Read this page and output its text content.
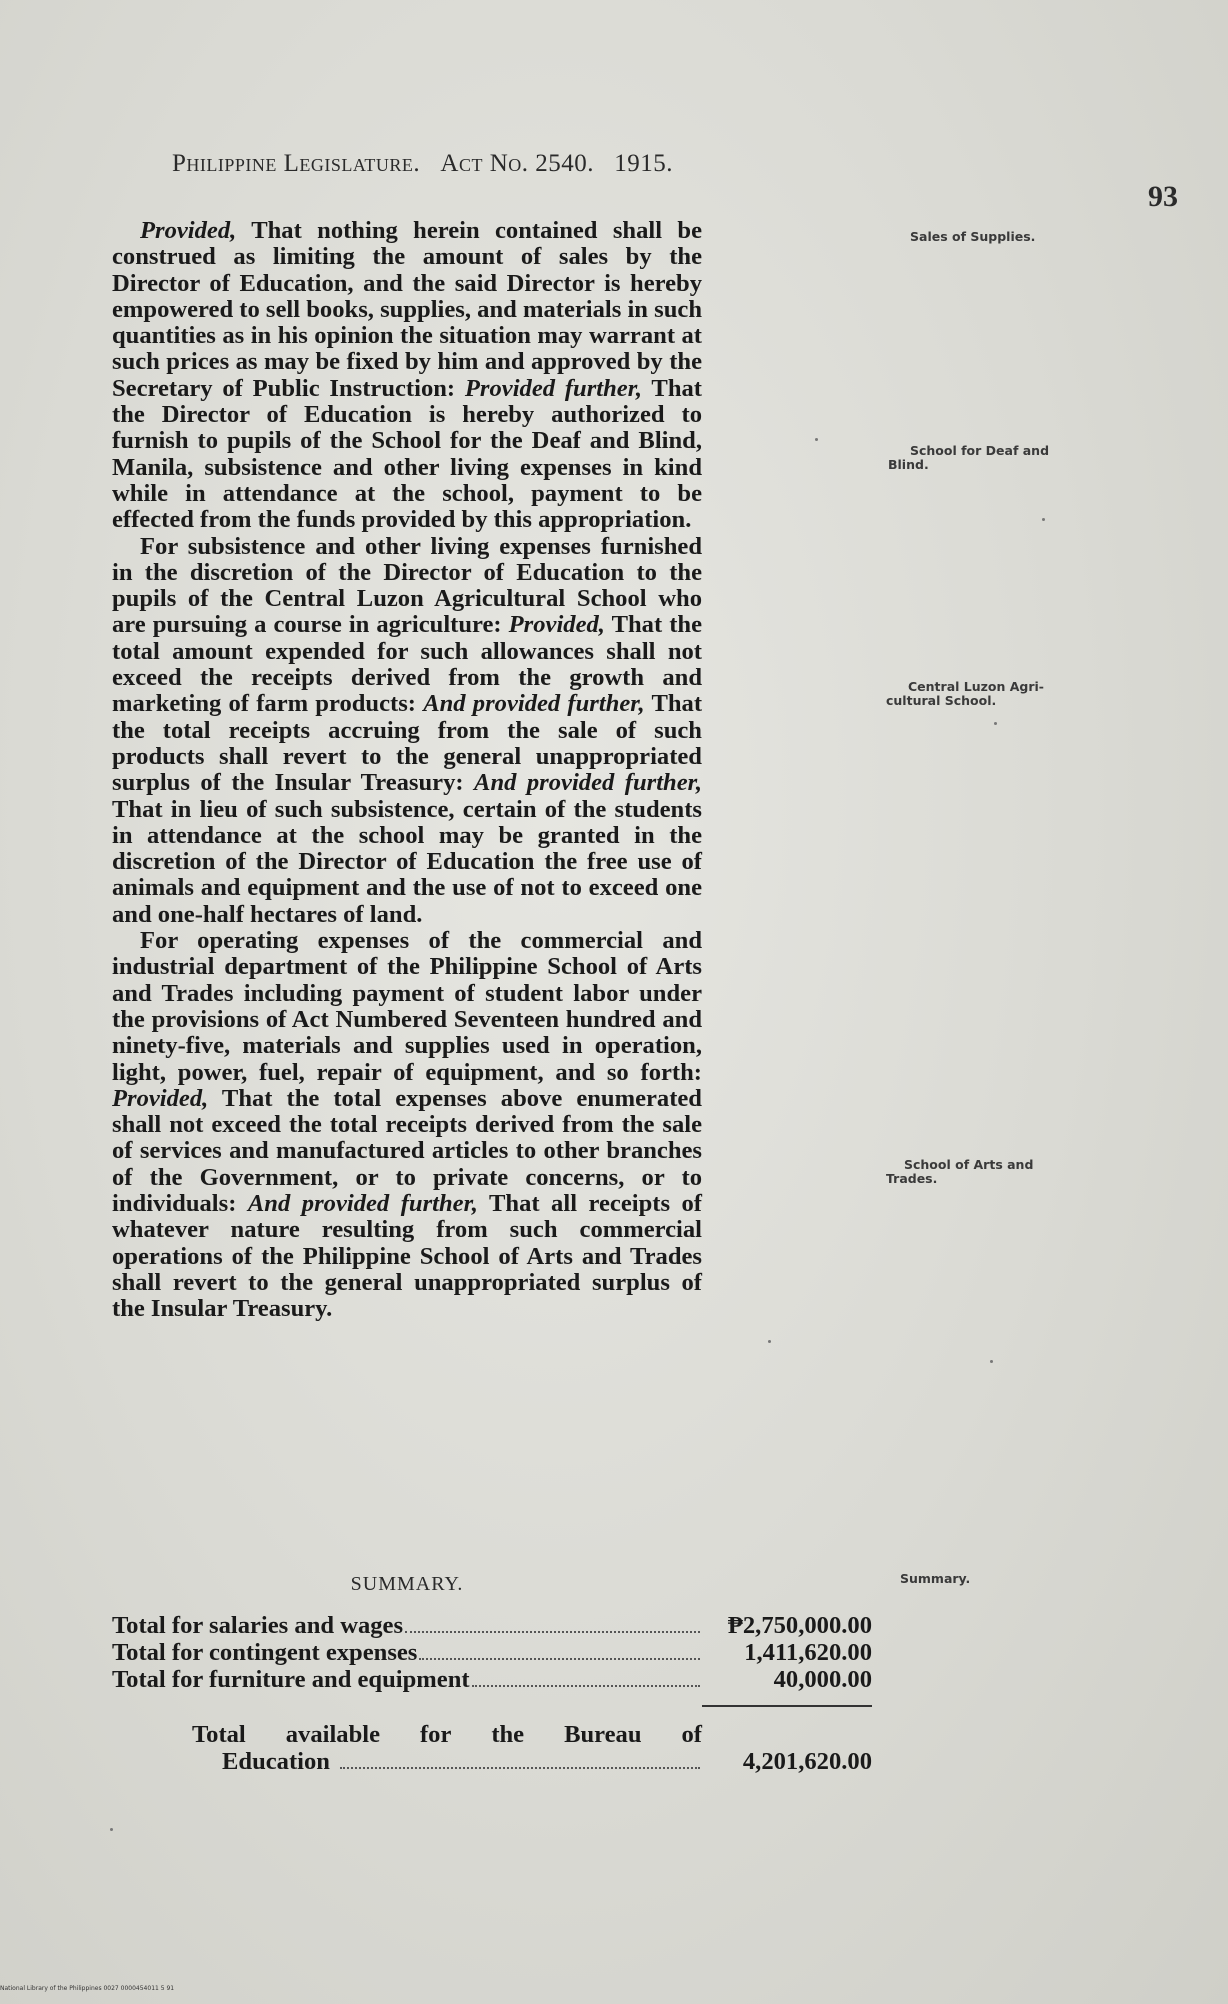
Philippine Legislature. Act No. 2540. 1915.
93

Provided, That nothing herein contained shall be construed as limiting the amount of sales by the Director of Education, and the said Director is hereby empowered to sell books, supplies, and materials in such quantities as in his opinion the situation may warrant at such prices as may be fixed by him and approved by the Secretary of Public Instruction: Provided further, That the Director of Education is hereby authorized to furnish to pupils of the School for the Deaf and Blind, Manila, subsistence and other living expenses in kind while in attendance at the school, payment to be effected from the funds provided by this appropriation.

For subsistence and other living expenses furnished in the discretion of the Director of Education to the pupils of the Central Luzon Agricultural School who are pursuing a course in agriculture: Provided, That the total amount expended for such allowances shall not exceed the receipts derived from the growth and marketing of farm products: And provided further, That the total receipts accruing from the sale of such products shall revert to the general unappropriated surplus of the Insular Treasury: And provided further, That in lieu of such subsistence, certain of the students in attendance at the school may be granted in the discretion of the Director of Education the free use of animals and equipment and the use of not to exceed one and one-half hectares of land.

For operating expenses of the commercial and industrial department of the Philippine School of Arts and Trades including payment of student labor under the provisions of Act Numbered Seventeen hundred and ninety-five, materials and supplies used in operation, light, power, fuel, repair of equipment, and so forth: Provided, That the total expenses above enumerated shall not exceed the total receipts derived from the sale of services and manufactured articles to other branches of the Government, or to private concerns, or to individuals: And provided further, That all receipts of whatever nature resulting from such commercial operations of the Philippine School of Arts and Trades shall revert to the general unappropriated surplus of the Insular Treasury.

SUMMARY.
Total for salaries and wages	₱2,750,000.00
Total for contingent expenses	1,411,620.00
Total for furniture and equipment	40,000.00
Total available for the Bureau of
Education	4,201,620.00
Sales of Supplies.
School for Deaf and
Blind.
Central Luzon Agri-
cultural School.
School of Arts and
Trades.
Summary.
National Library of the Philippines 0027 0000454011 5 91
